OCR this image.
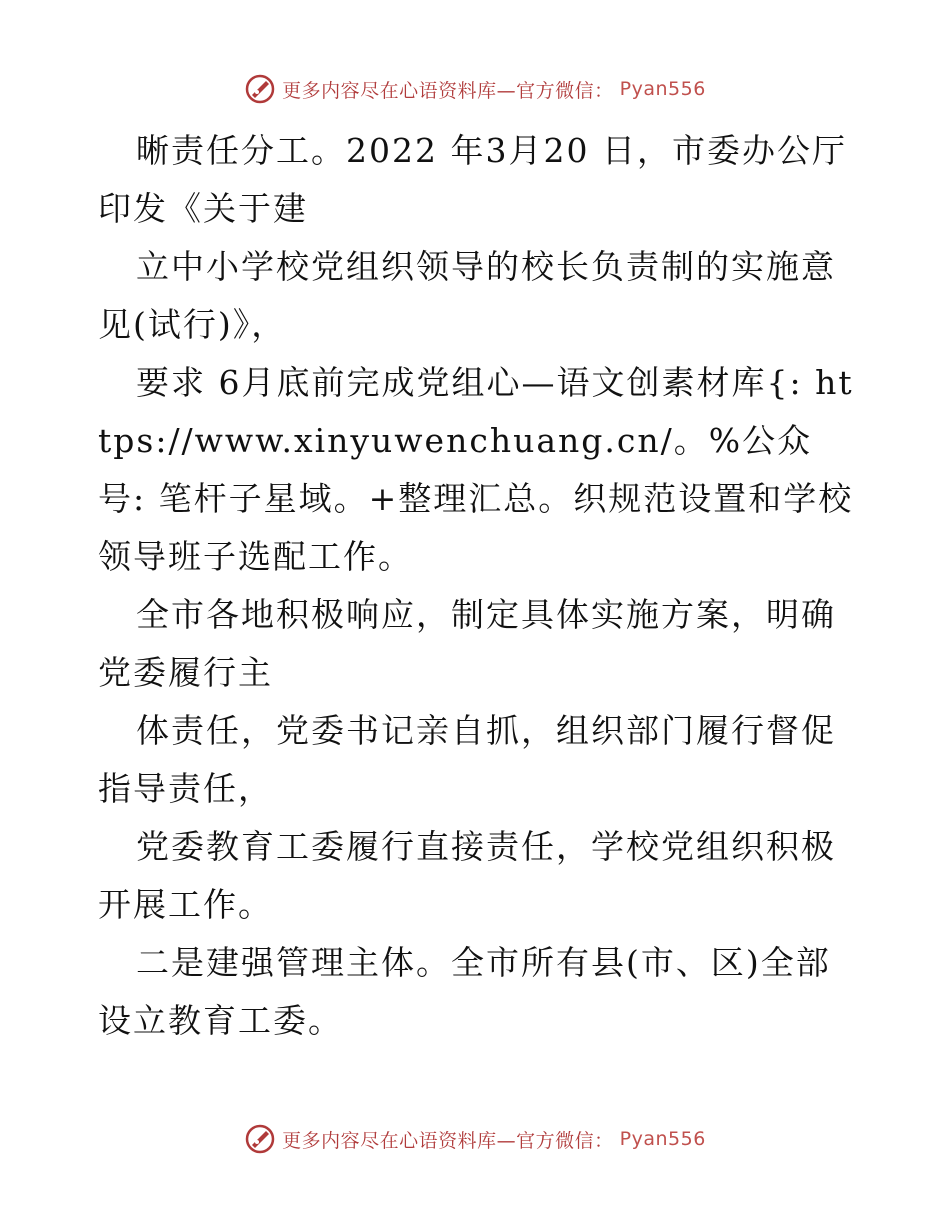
更多内容尽在心语资料库—官方微信： Pyan556

晰责任分工。2022 年3月20 日，市委办公厅印发《关于建

立中小学校党组织领导的校长负责制的实施意见(试行)》，

要求 6月底前完成党组心—语文创素材库{: https://www.xinyuwenchuang.cn/。%公众号: 笔杆子星域。+整理汇总。织规范设置和学校领导班子选配工作。

全市各地积极响应，制定具体实施方案，明确党委履行主

体责任，党委书记亲自抓，组织部门履行督促指导责任，

党委教育工委履行直接责任，学校党组织积极开展工作。

二是建强管理主体。全市所有县(市、区)全部设立教育工委。

更多内容尽在心语资料库—官方微信： Pyan556
